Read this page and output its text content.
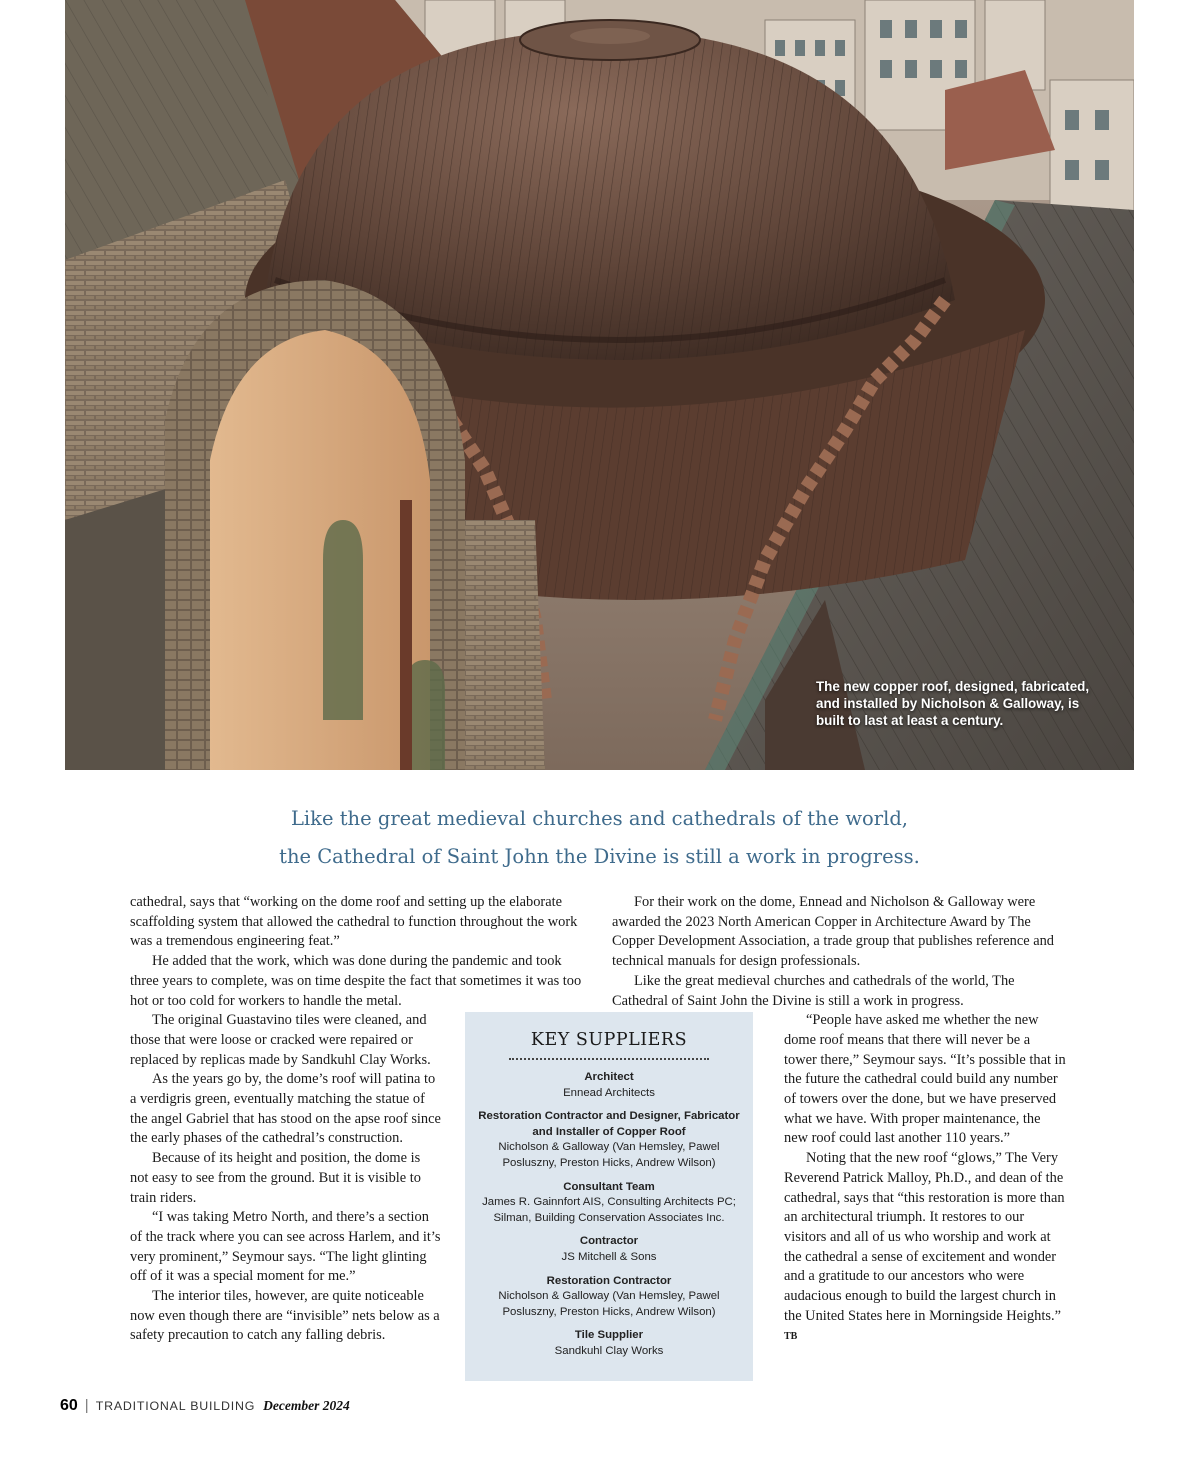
The new copper roof, designed, fabricated, and installed by Nicholson & Galloway, is built to last at least a century.
Like the great medieval churches and cathedrals of the world,
the Cathedral of Saint John the Divine is still a work in progress.

cathedral, says that “working on the dome roof and setting up the elaborate scaffolding system that allowed the cathedral to function throughout the work was a tremendous engineering feat.”

He added that the work, which was done during the pandemic and took three years to complete, was on time despite the fact that sometimes it was too hot or too cold for workers to handle the metal.

The original Guastavino tiles were cleaned, and those that were loose or cracked were repaired or replaced by replicas made by Sandkuhl Clay Works.

As the years go by, the dome’s roof will patina to a verdigris green, eventually matching the statue of the angel Gabriel that has stood on the apse roof since the early phases of the cathedral’s construction.

Because of its height and position, the dome is not easy to see from the ground. But it is visible to train riders.

“I was taking Metro North, and there’s a section of the track where you can see across Harlem, and it’s very prominent,” Seymour says. “The light glinting off of it was a special moment for me.”

The interior tiles, however, are quite noticeable now even though there are “invisible” nets below as a safety precaution to catch any falling debris.

For their work on the dome, Ennead and Nicholson & Galloway were awarded the 2023 North American Copper in Architecture Award by The Copper Development Association, a trade group that publishes reference and technical manuals for design professionals.

Like the great medieval churches and cathedrals of the world, The Cathedral of Saint John the Divine is still a work in progress.

“People have asked me whether the new dome roof means that there will never be a tower there,” Seymour says. “It’s possible that in the future the cathedral could build any number of towers over the done, but we have preserved what we have. With proper maintenance, the new roof could last another 110 years.”

Noting that the new roof “glows,” The Very Reverend Patrick Malloy, Ph.D., and dean of the cathedral, says that “this restoration is more than an architectural triumph. It restores to our visitors and all of us who worship and work at the cathedral a sense of excitement and wonder and a gratitude to our ancestors who were audacious enough to build the largest church in the United States here in Morningside Heights.” TB

KEY SUPPLIERS
Architect
Ennead Architects
Restoration Contractor and Designer, Fabricator and Installer of Copper Roof
Nicholson & Galloway (Van Hemsley, Pawel Posluszny, Preston Hicks, Andrew Wilson)
Consultant Team
James R. Gainnfort AIS, Consulting Architects PC; Silman, Building Conservation Associates Inc.
Contractor
JS Mitchell & Sons
Restoration Contractor
Nicholson & Galloway (Van Hemsley, Pawel Posluszny, Preston Hicks, Andrew Wilson)
Tile Supplier
Sandkuhl Clay Works
60 | TRADITIONAL BUILDING December 2024
